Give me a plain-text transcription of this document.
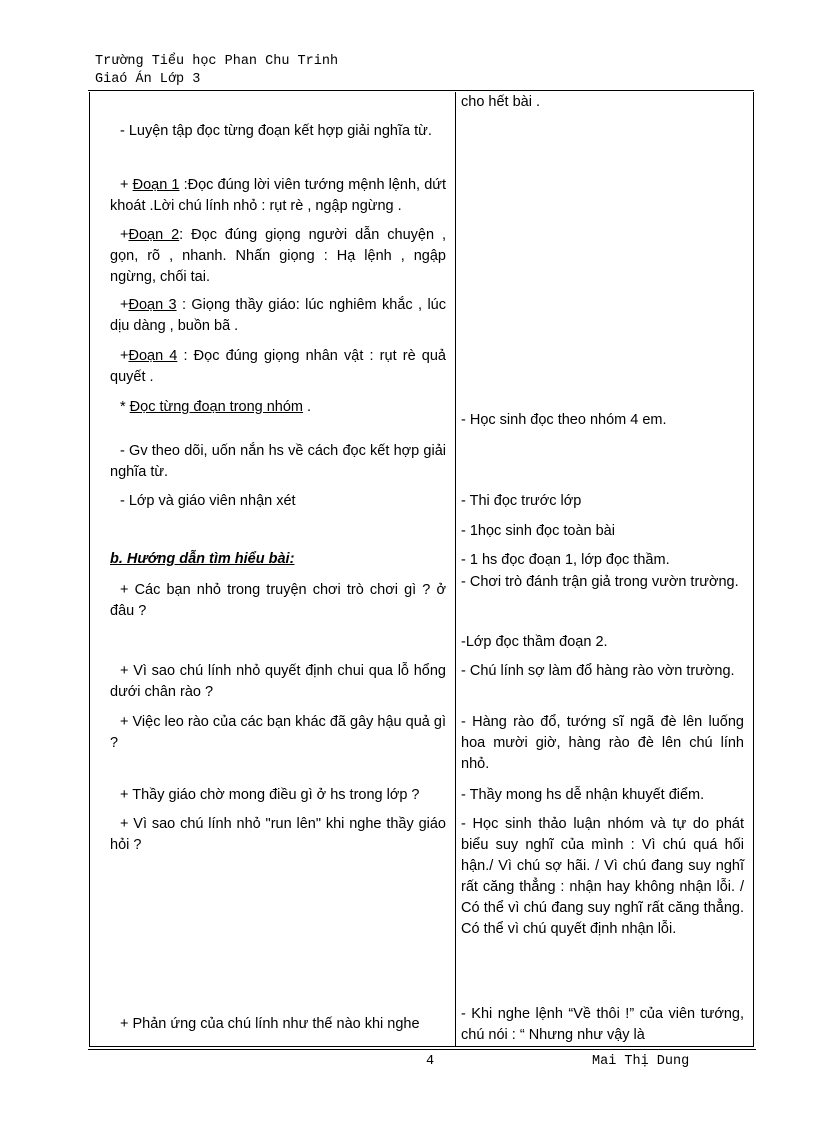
Trường Tiểu học Phan Chu Trinh
Giaó Án Lớp 3
- Luyện tập đọc từng đoạn kết hợp giải nghĩa từ.
+ Đoạn 1 :Đọc đúng lời viên tướng mệnh lệnh, dứt khoát .Lời chú lính nhỏ : rụt rè , ngập ngừng .
+Đoạn 2: Đọc đúng giọng người dẫn chuyện , gọn, rõ , nhanh. Nhấn giọng : Hạ lệnh , ngập ngừng, chối tai.
+Đoạn 3 : Giọng thầy giáo: lúc nghiêm khắc , lúc dịu dàng , buồn bã .
+Đoạn 4 : Đọc đúng giọng nhân vật : rụt rè quả quyết .
* Đọc từng đoạn trong nhóm .
- Gv theo dõi, uốn nắn hs về cách đọc kết hợp giải nghĩa từ.
- Lớp và giáo viên nhận xét
b. Hướng dẫn tìm hiểu bài:
+ Các bạn nhỏ trong truyện chơi trò chơi gì ? ở đâu ?
+ Vì sao chú lính nhỏ quyết định chui qua lỗ hổng dưới chân rào ?
+ Việc leo rào của các bạn khác đã gây hậu quả gì ?
+ Thầy giáo chờ mong điều gì ở hs trong lớp ?
+ Vì sao chú lính nhỏ "run lên" khi nghe thầy giáo hỏi ?
+ Phản ứng của chú lính như thế nào khi nghe
cho hết bài .
- Học sinh đọc theo nhóm 4 em.
- Thi đọc trước lớp
- 1học sinh đọc toàn bài
- 1 hs đọc đoạn 1, lớp đọc thầm.
- Chơi trò đánh trận giả trong vườn trường.
-Lớp đọc thầm đoạn 2.
- Chú lính sợ làm đổ hàng rào vờn trường.
- Hàng rào đổ, tướng sĩ ngã đè lên luống hoa mười giờ, hàng rào đè lên chú lính nhỏ.
- Thầy mong hs dễ nhận khuyết điểm.
- Học sinh thảo luận nhóm và tự do phát biểu suy nghĩ của mình : Vì chú quá hối hận./ Vì chú sợ hãi. / Vì chú đang suy nghĩ rất căng thẳng : nhận hay không nhận lỗi. / Có thể vì chú đang suy nghĩ rất căng thẳng. Có thể vì chú quyết định nhận lỗi.
- Khi nghe lệnh “Về thôi !” của viên tướng, chú nói : “ Nhưng như vậy là
4	Mai Thị Dung
